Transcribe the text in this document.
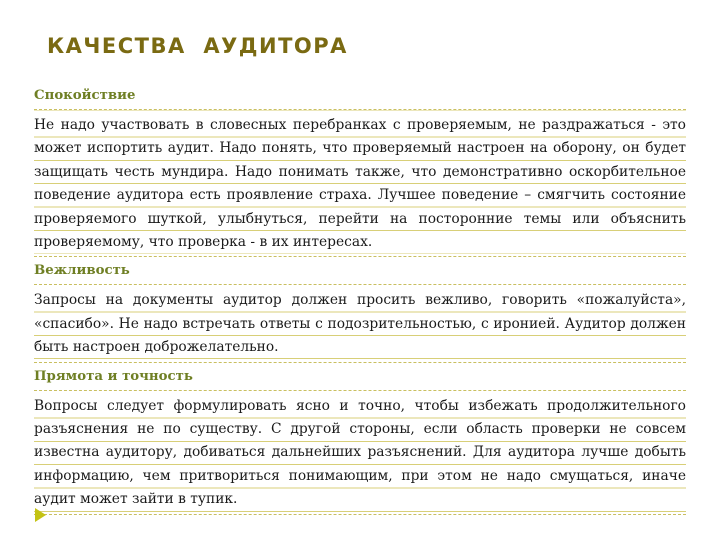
КАЧЕСТВА  АУДИТОРА

Спокойствие

Не надо участвовать в словесных перебранках с проверяемым, не раздражаться - это может испортить аудит. Надо понять, что проверяемый настроен на оборону, он будет защищать честь мундира. Надо понимать также, что демонстративно оскорбительное поведение аудитора есть проявление страха. Лучшее поведение – смягчить состояние проверяемого шуткой, улыбнуться, перейти на посторонние темы или объяснить проверяемому, что проверка - в их интересах.

Вежливость

Запросы на документы аудитор должен просить вежливо, говорить «пожалуйста», «спасибо». Не надо встречать ответы с подозрительностью, с иронией. Аудитор должен быть настроен доброжелательно.

Прямота и точность

Вопросы следует формулировать ясно и точно, чтобы избежать продолжительного разъяснения не по существу. С другой стороны, если область проверки не совсем известна аудитору, добиваться дальнейших разъяснений. Для аудитора лучше добыть информацию, чем притвориться понимающим, при этом не надо смущаться, иначе аудит может зайти в тупик.
